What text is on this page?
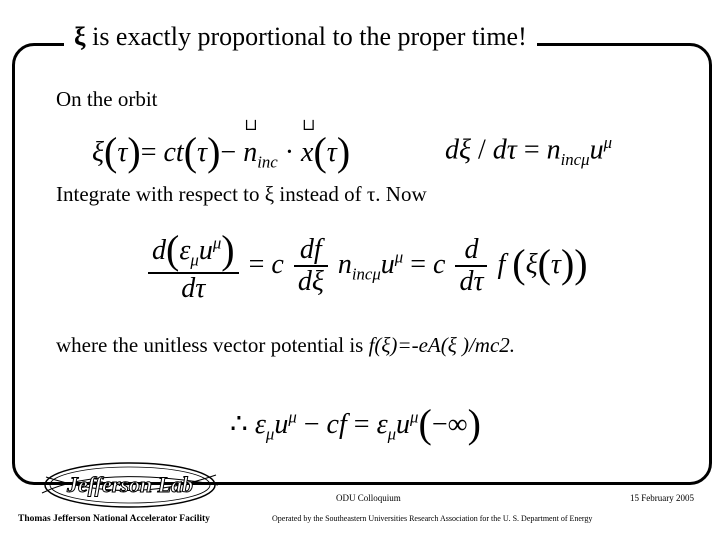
ξ is exactly proportional to the proper time!
On the orbit
ξ(τ)= ct(τ)− ⊔ $n_{inc}$ · ⊔ x(τ)	$d\xi / d\tau = n_{inc\mu}u^\mu$
Integrate with respect to ξ instead of τ. Now
$\frac{d(\varepsilon_\mu u^\mu)}{d\tau} = c \frac{df}{d\xi} n_{inc\mu}u^\mu = c \frac{d}{d\tau}$ f (ξ(τ))
where the unitless vector potential is f(ξ)=-eA(ξ )/mc2.
∴ $\varepsilon_\mu u^\mu$ − cf = $\varepsilon_\mu u^\mu(-\infty)$
Jefferson Lab
Thomas Jefferson National Accelerator Facility
ODU Colloquium	15 February 2005
Operated by the Southeastern Universities Research Association for the U. S. Department of Energy
